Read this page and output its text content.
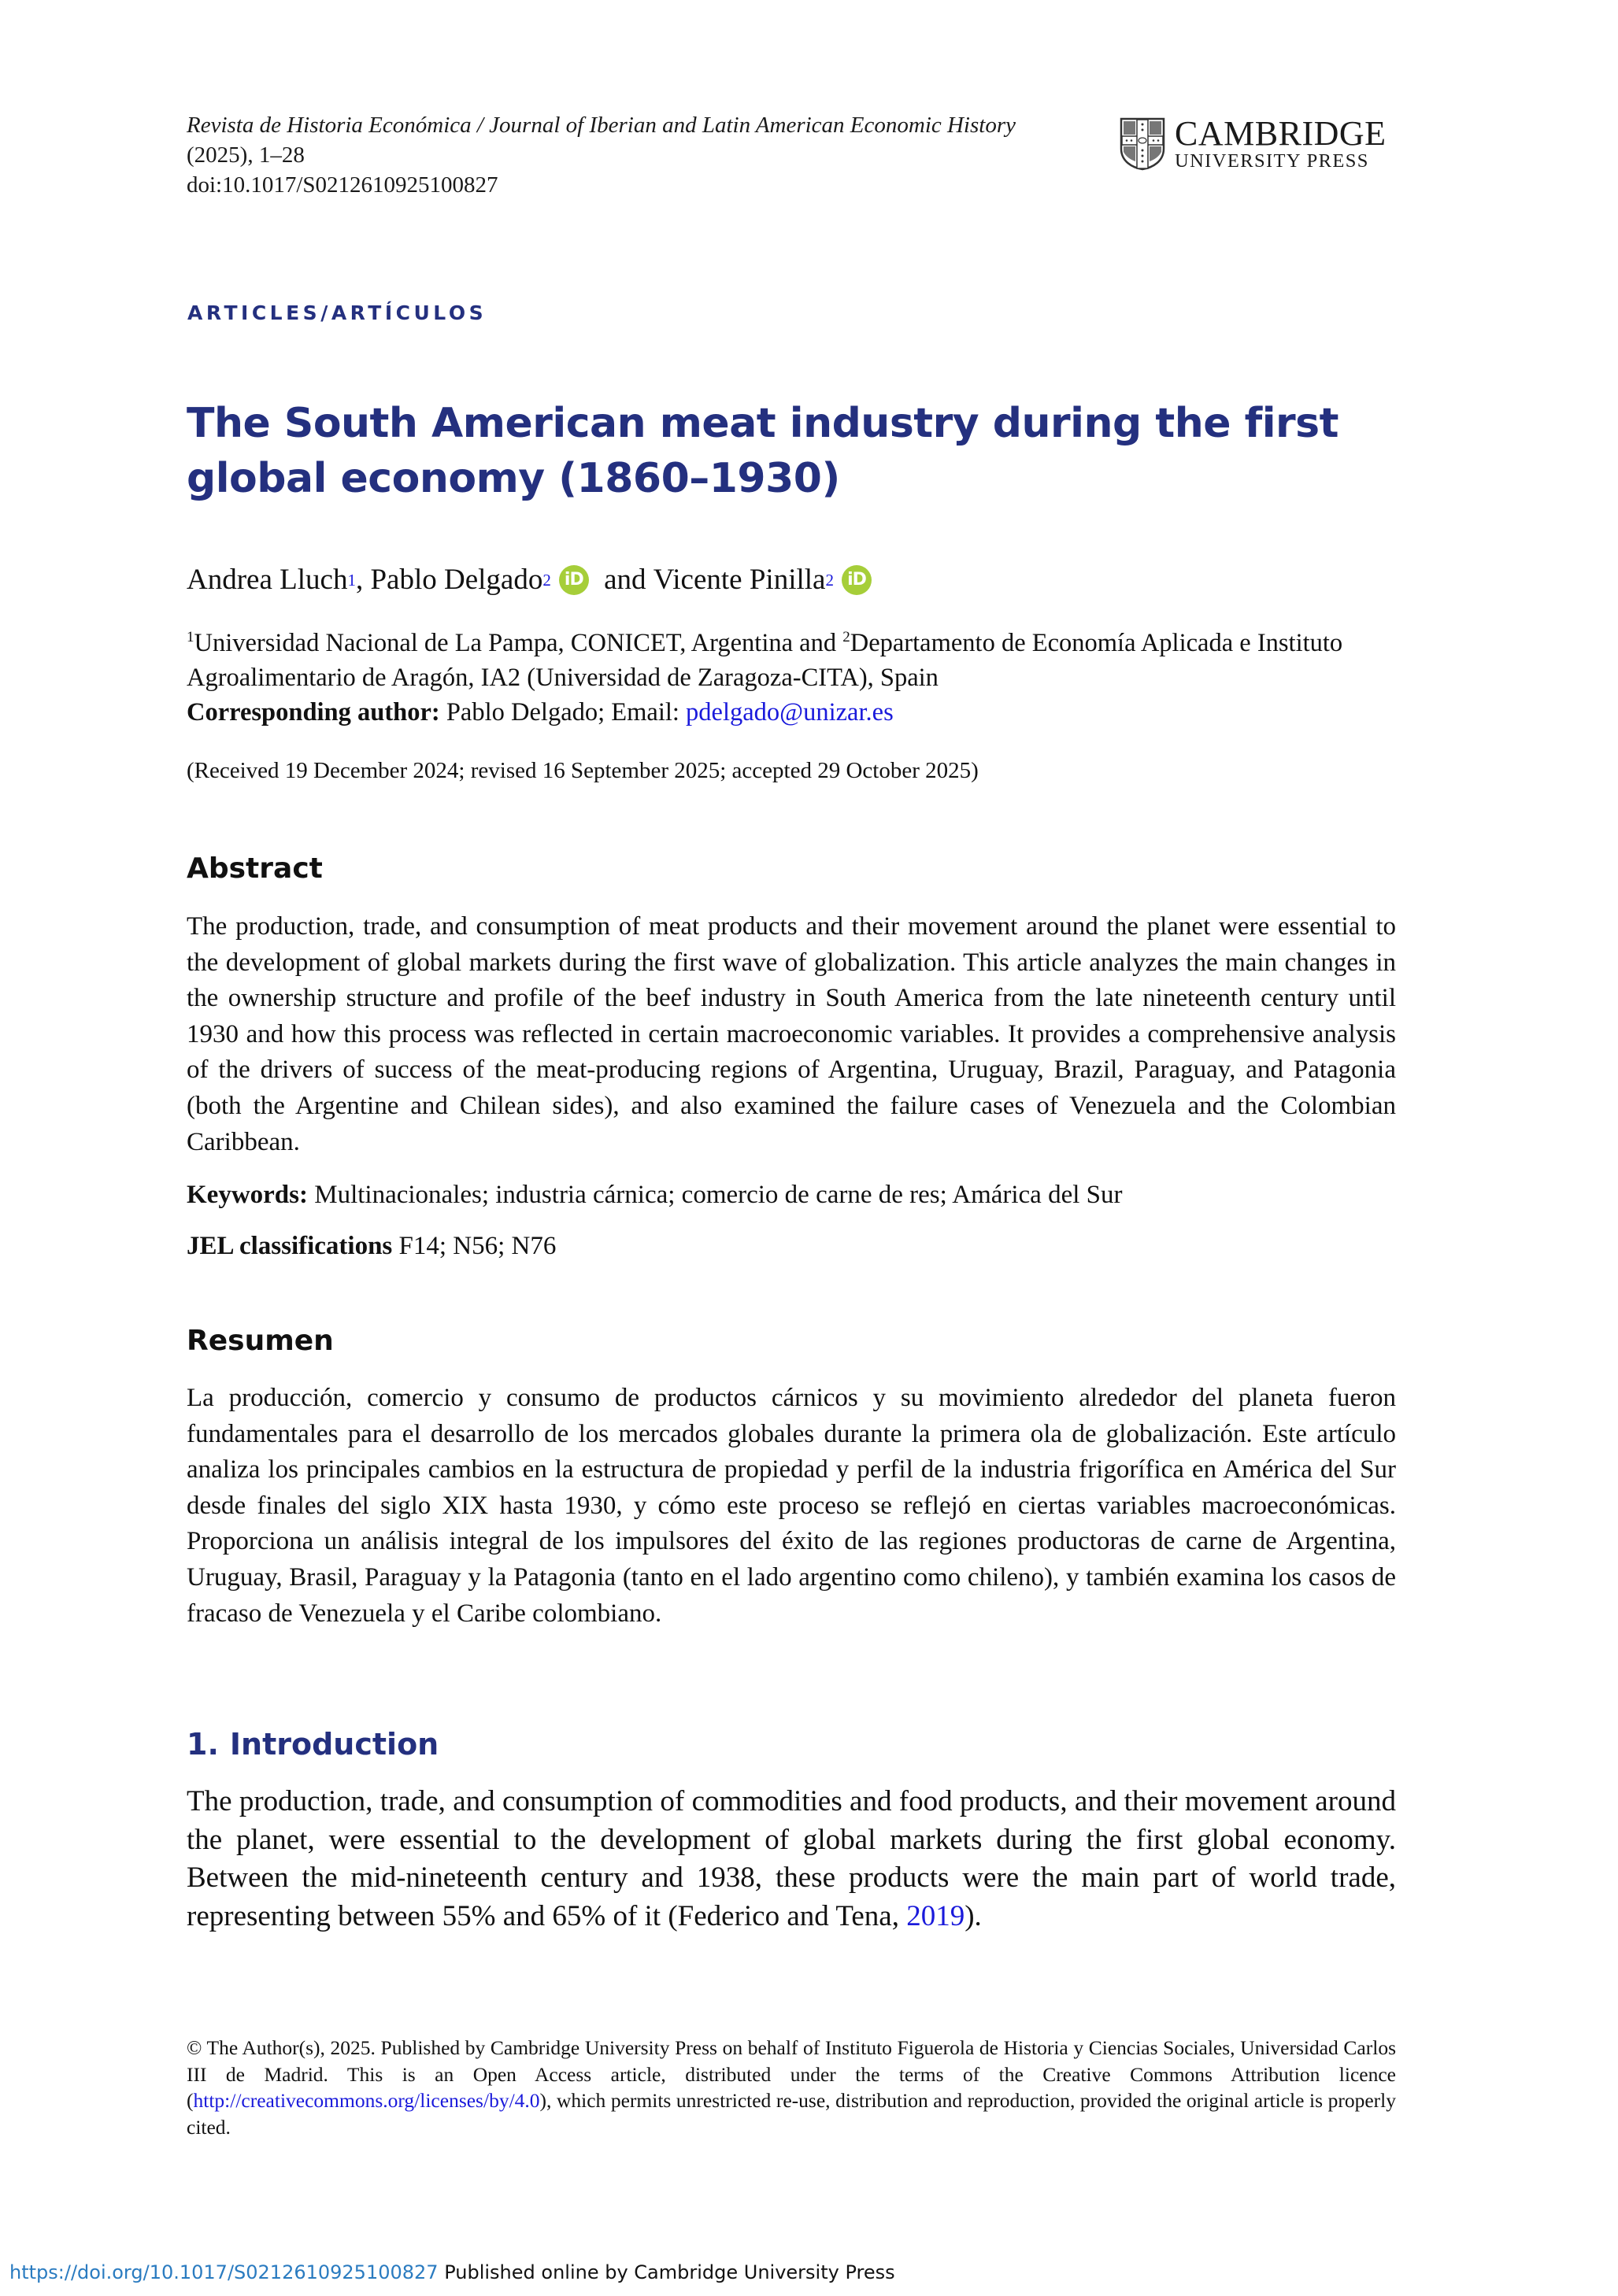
Revista de Historia Económica / Journal of Iberian and Latin American Economic History
(2025), 1–28
doi:10.1017/S0212610925100827
CAMBRIDGE
UNIVERSITY PRESS
ARTICLES/ARTÍCULOS
The South American meat industry during the first global economy (1860–1930)
Andrea Lluch 1 , Pablo Delgado 2 iD and Vicente Pinilla 2 iD
$^1$Universidad Nacional de La Pampa, CONICET, Argentina and $^2$Departamento de Economía Aplicada e Instituto Agroalimentario de Aragón, IA2 (Universidad de Zaragoza-CITA), Spain
Corresponding author: Pablo Delgado; Email: pdelgado@unizar.es
(Received 19 December 2024; revised 16 September 2025; accepted 29 October 2025)
Abstract
The production, trade, and consumption of meat products and their movement around the planet were essential to the development of global markets during the first wave of globalization. This article analyzes the main changes in the ownership structure and profile of the beef industry in South America from the late nineteenth century until 1930 and how this process was reflected in certain macroeconomic variables. It provides a comprehensive analysis of the drivers of success of the meat-producing regions of Argentina, Uruguay, Brazil, Paraguay, and Patagonia (both the Argentine and Chilean sides), and also examined the failure cases of Venezuela and the Colombian Caribbean.
Keywords: Multinacionales; industria cárnica; comercio de carne de res; Amárica del Sur
JEL classifications F14; N56; N76
Resumen
La producción, comercio y consumo de productos cárnicos y su movimiento alrededor del planeta fueron fundamentales para el desarrollo de los mercados globales durante la primera ola de globalización. Este artículo analiza los principales cambios en la estructura de propiedad y perfil de la industria frigorífica en América del Sur desde finales del siglo XIX hasta 1930, y cómo este proceso se reflejó en ciertas variables macroeconómicas. Proporciona un análisis integral de los impulsores del éxito de las regiones productoras de carne de Argentina, Uruguay, Brasil, Paraguay y la Patagonia (tanto en el lado argentino como chileno), y también examina los casos de fracaso de Venezuela y el Caribe colombiano.
1. Introduction
The production, trade, and consumption of commodities and food products, and their movement around the planet, were essential to the development of global markets during the first global economy. Between the mid-nineteenth century and 1938, these products were the main part of world trade, representing between 55% and 65% of it (Federico and Tena, 2019).
© The Author(s), 2025. Published by Cambridge University Press on behalf of Instituto Figuerola de Historia y Ciencias Sociales, Universidad Carlos III de Madrid. This is an Open Access article, distributed under the terms of the Creative Commons Attribution licence (http://creativecommons.org/licenses/by/4.0), which permits unrestricted re-use, distribution and reproduction, provided the original article is properly cited.
https://doi.org/10.1017/S0212610925100827 Published online by Cambridge University Press
